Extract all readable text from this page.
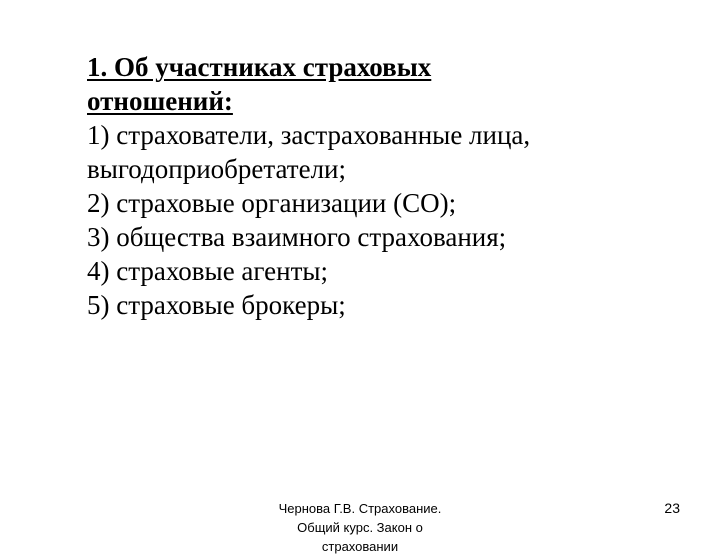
1. Об участниках страховых

отношений:

1) страхователи, застрахованные лица,

выгодоприобретатели;

2) страховые организации (СО);

3) общества взаимного страхования;

4) страховые агенты;

5) страховые брокеры;

Чернова Г.В. Страхование.
Общий курс. Закон о
страховании
23
